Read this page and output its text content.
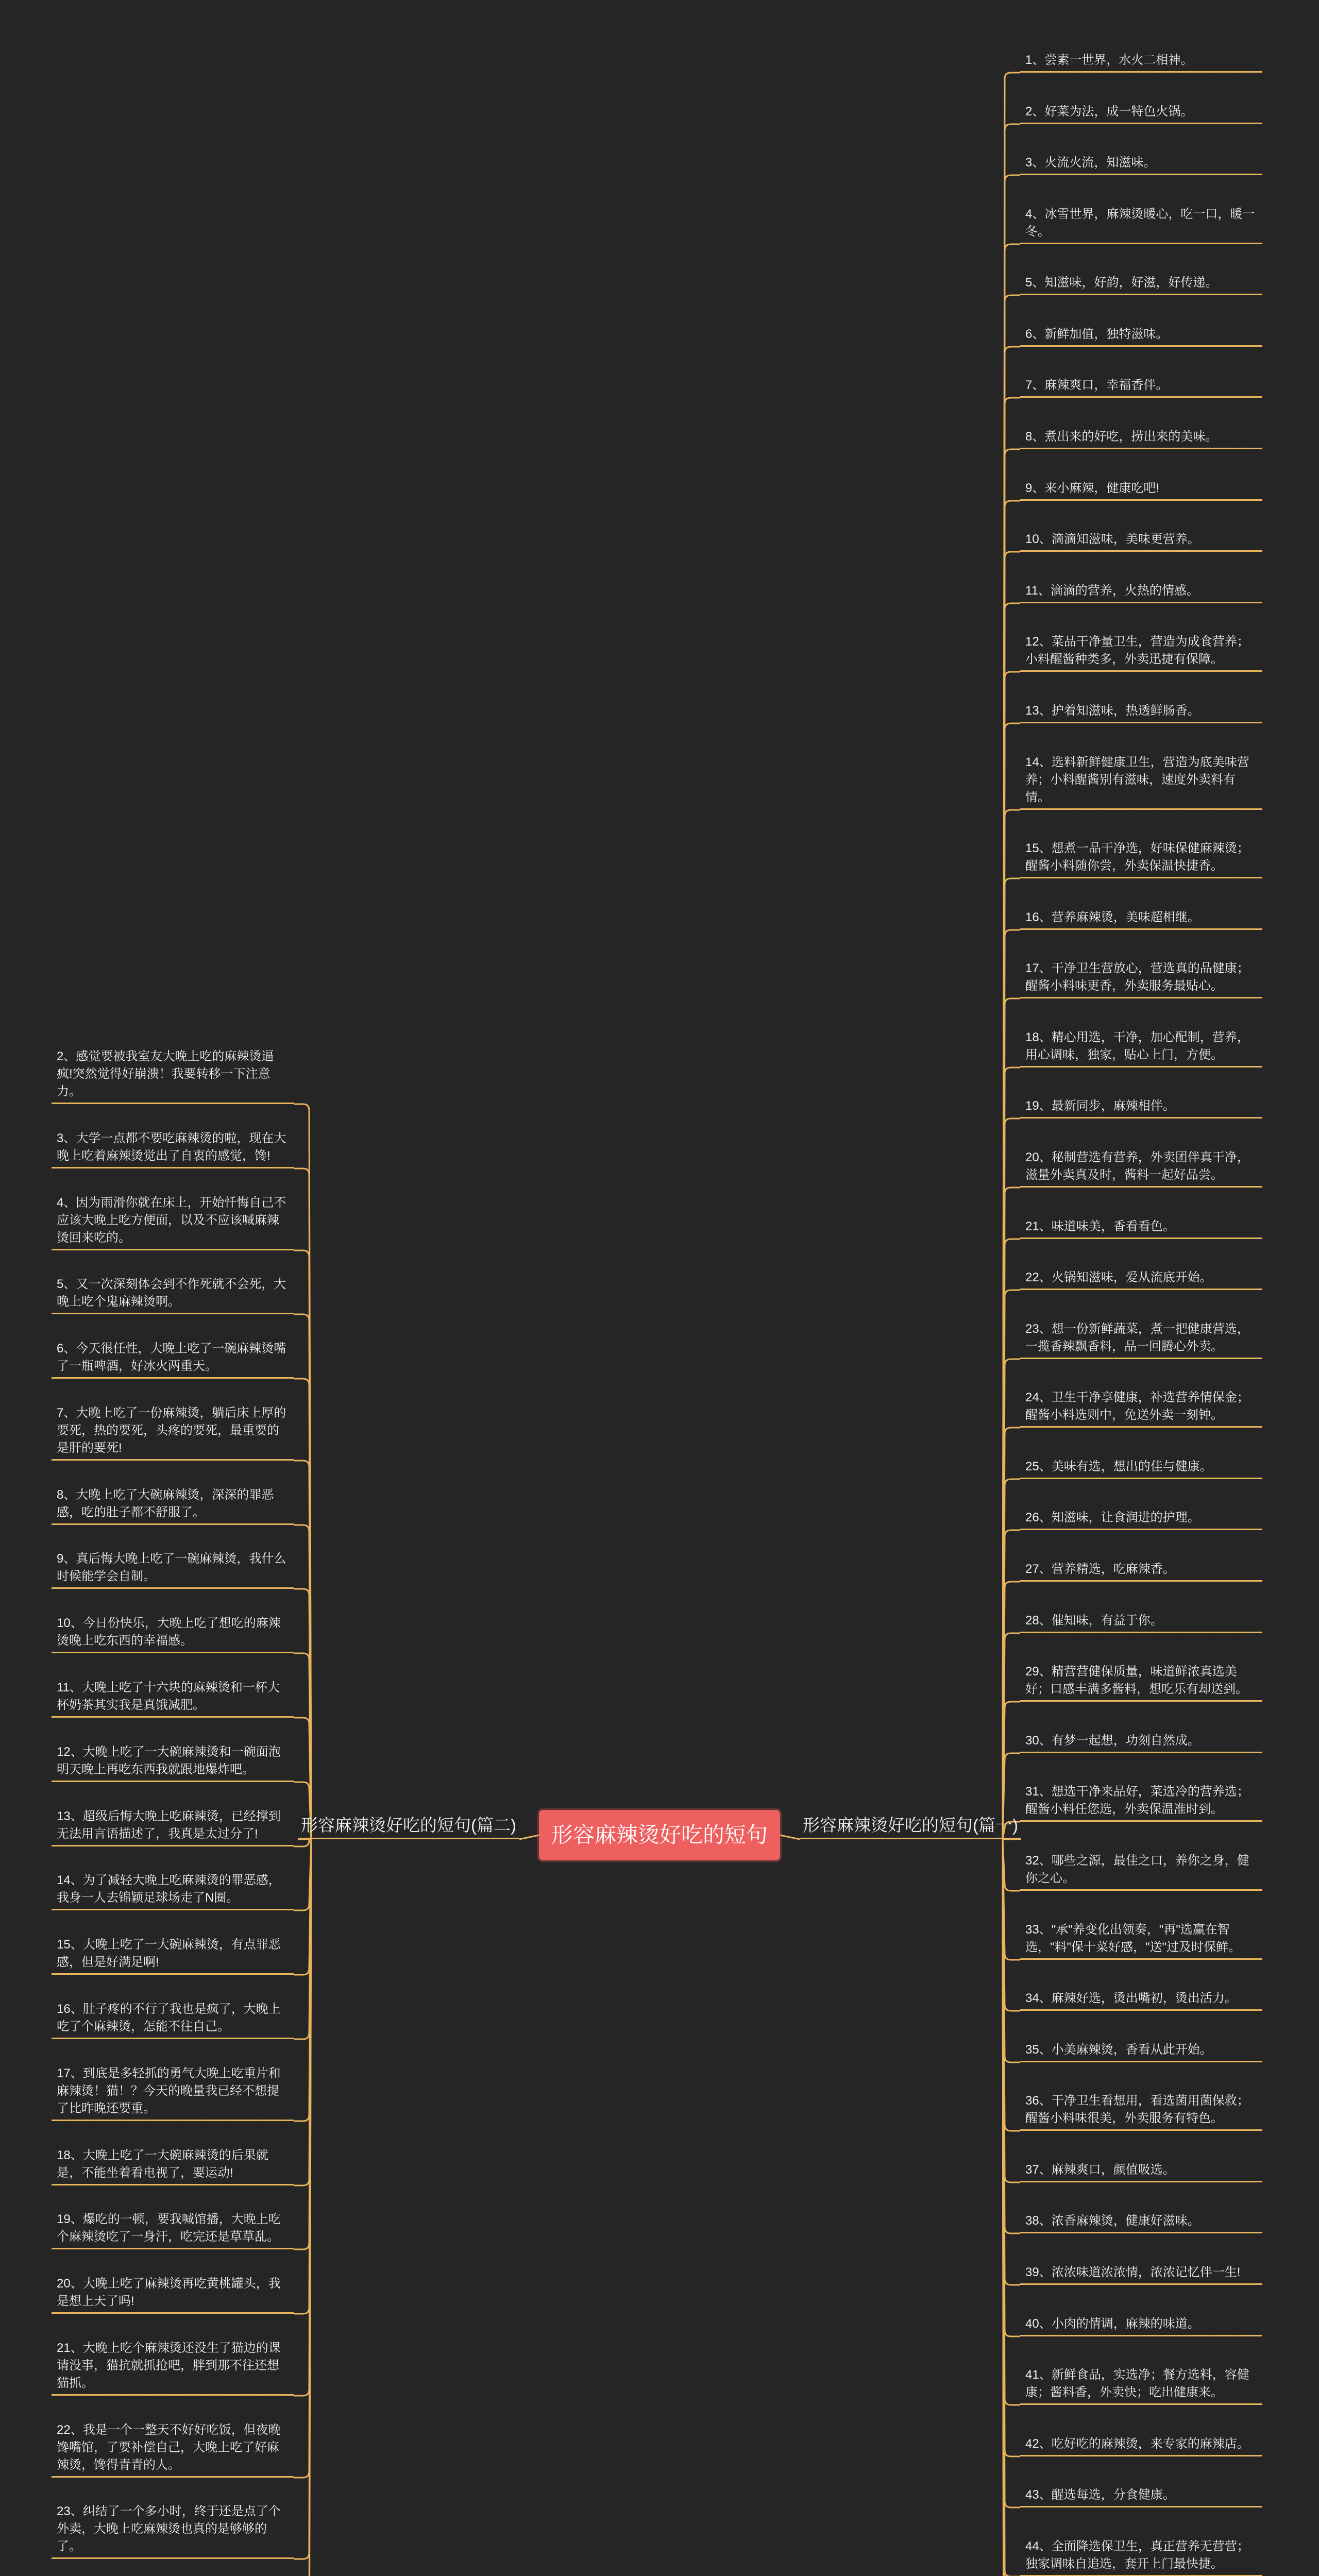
形容麻辣烫好吃的短句	形容麻辣烫好吃的短句(篇一)
形容麻辣烫好吃的短句(篇二)
1、尝素一世界，水火二相神。
2、好菜为法，成一特色火锅。
3、火流火流，知滋味。
4、冰雪世界，麻辣烫暖心，吃一口，暖一冬。
5、知滋味，好韵，好滋，好传递。
6、新鲜加值，独特滋味。
7、麻辣爽口，幸福香伴。
8、煮出来的好吃，捞出来的美味。
9、来小麻辣，健康吃吧!
10、滴滴知滋味，美味更营养。
11、滴滴的营养，火热的情感。
12、菜品干净量卫生，营造为成食营养；小料醒酱种类多，外卖迅捷有保障。
13、护着知滋味，热透鲜肠香。
14、选料新鲜健康卫生，营造为底美味营养；小料醒酱别有滋味，速度外卖料有情。
15、想煮一品干净选，好味保健麻辣烫；醒酱小料随你尝，外卖保温快捷香。
16、营养麻辣烫，美味超相继。
17、干净卫生营放心，营选真的品健康；醒酱小料味更香，外卖服务最贴心。
18、精心用选，干净，加心配制，营养，用心调味，独家，贴心上门，方便。
19、最新同步，麻辣相伴。
20、秘制营选有营养，外卖团伴真干净，滋量外卖真及时，酱料一起好品尝。
21、味道味美，香看看色。
22、火锅知滋味，爱从流底开始。
23、想一份新鲜蔬菜，煮一把健康营选，一揽香辣飘香料，品一回腾心外卖。
24、卫生干净享健康，补选营养情保金；醒酱小料选则中，免送外卖一刻钟。
25、美味有选，想出的佳与健康。
26、知滋味，让食润进的护理。
27、营养精选，吃麻辣香。
28、催知味，有益于你。
29、精营营健保质量，味道鲜浓真选美好；口感丰满多酱料，想吃乐有却送到。
30、有梦一起想，功刻自然成。
31、想选干净来品好，菜选冷的营养选；醒酱小料任您选，外卖保温准时到。
32、哪些之源，最佳之口，养你之身，健你之心。
33、"承"养变化出领奏，"再"选赢在智选，"料"保十菜好感，"送"过及时保鲜。
34、麻辣好选，烫出嘴初，烫出活力。
35、小美麻辣烫，香看从此开始。
36、干净卫生看想用，看选菌用菌保救；醒酱小料味很美，外卖服务有特色。
37、麻辣爽口，颜值吸选。
38、浓香麻辣烫，健康好滋味。
39、浓浓味道浓浓情，浓浓记忆伴一生!
40、小肉的情调，麻辣的味道。
41、新鲜食品，实选净；餐方选料，容健康；酱料香，外卖快；吃出健康来。
42、吃好吃的麻辣烫，来专家的麻辣店。
43、醒选每选，分食健康。
44、全面降选保卫生，真正营养无营营；独家调味自追选，套开上门最快捷。
2、感觉要被我室友大晚上吃的麻辣烫逼疯!突然觉得好崩溃！我要转移一下注意力。
3、大学一点都不要吃麻辣烫的啦，现在大晚上吃着麻辣烫觉出了自衷的感觉，馋!
4、因为雨滑你就在床上，开始忏悔自己不应该大晚上吃方便面，以及不应该喊麻辣烫回来吃的。
5、又一次深刻体会到不作死就不会死，大晚上吃个鬼麻辣烫啊。
6、今天很任性，大晚上吃了一碗麻辣烫嘴了一瓶啤酒，好冰火两重天。
7、大晚上吃了一份麻辣烫，躺后床上厚的要死，热的要死，头疼的要死，最重要的是肝的要死!
8、大晚上吃了大碗麻辣烫，深深的罪恶感，吃的肚子都不舒服了。
9、真后悔大晚上吃了一碗麻辣烫，我什么时候能学会自制。
10、今日份快乐，大晚上吃了想吃的麻辣烫晚上吃东西的幸福感。
11、大晚上吃了十六块的麻辣烫和一杯大杯奶茶其实我是真饿减肥。
12、大晚上吃了一大碗麻辣烫和一碗面泡明天晚上再吃东西我就跟地爆炸吧。
13、超级后悔大晚上吃麻辣烫，已经撑到无法用言语描述了，我真是太过分了!
14、为了减轻大晚上吃麻辣烫的罪恶感，我身一人去锦颖足球场走了N圈。
15、大晚上吃了一大碗麻辣烫，有点罪恶感，但是好满足啊!
16、肚子疼的不行了我也是疯了，大晚上吃了个麻辣烫，怎能不往自己。
17、到底是多轻抓的勇气大晚上吃重片和麻辣烫！猫！？今天的晚量我已经不想提了比昨晚还要重。
18、大晚上吃了一大碗麻辣烫的后果就是，不能坐着看电视了，要运动!
19、爆吃的一顿，要我喊馆播，大晚上吃个麻辣烫吃了一身汗，吃完还是草草乱。
20、大晚上吃了麻辣烫再吃黄桃罐头，我是想上天了吗!
21、大晚上吃个麻辣烫还没生了猫边的课请没事，猫抗就抓抢吧，胖到那不往还想猫抓。
22、我是一个一整天不好好吃饭，但夜晚馋嘴馆，了要补偿自己，大晚上吃了好麻辣烫，馋得青青的人。
23、纠结了一个多小时，终于还是点了个外卖，大晚上吃麻辣烫也真的是够够的了。
